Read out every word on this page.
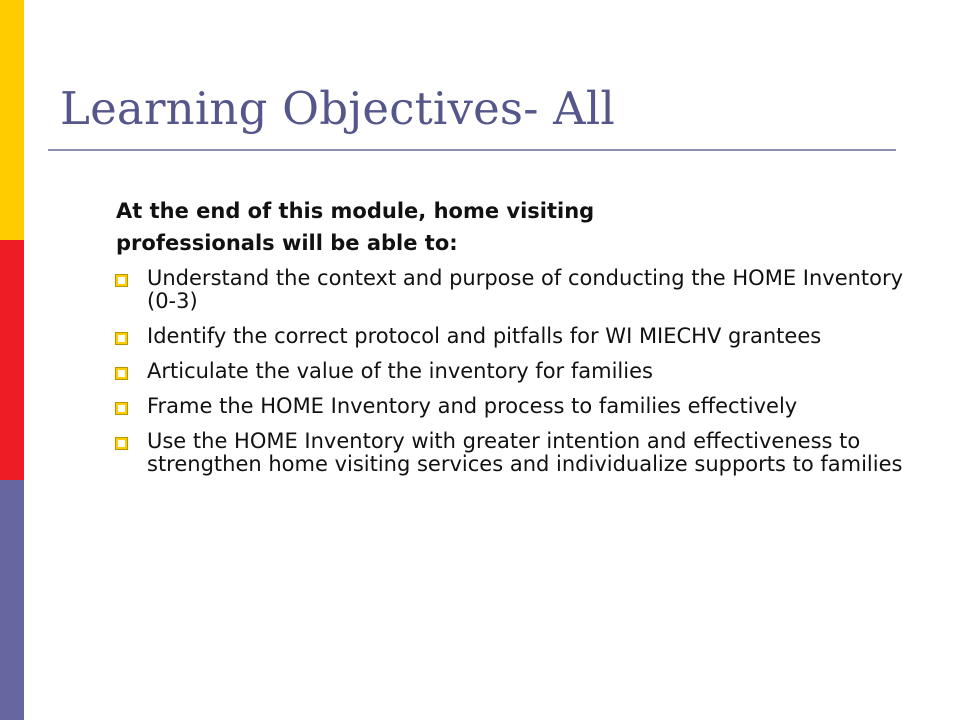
Learning Objectives- All
At the end of this module, home visiting
professionals will be able to:
Understand the context and purpose of conducting the HOME Inventory (0-3)
Identify the correct protocol and pitfalls for WI MIECHV grantees
Articulate the value of the inventory for families
Frame the HOME Inventory and process to families effectively
Use the HOME Inventory with greater intention and effectiveness to strengthen home visiting services and individualize supports to families
